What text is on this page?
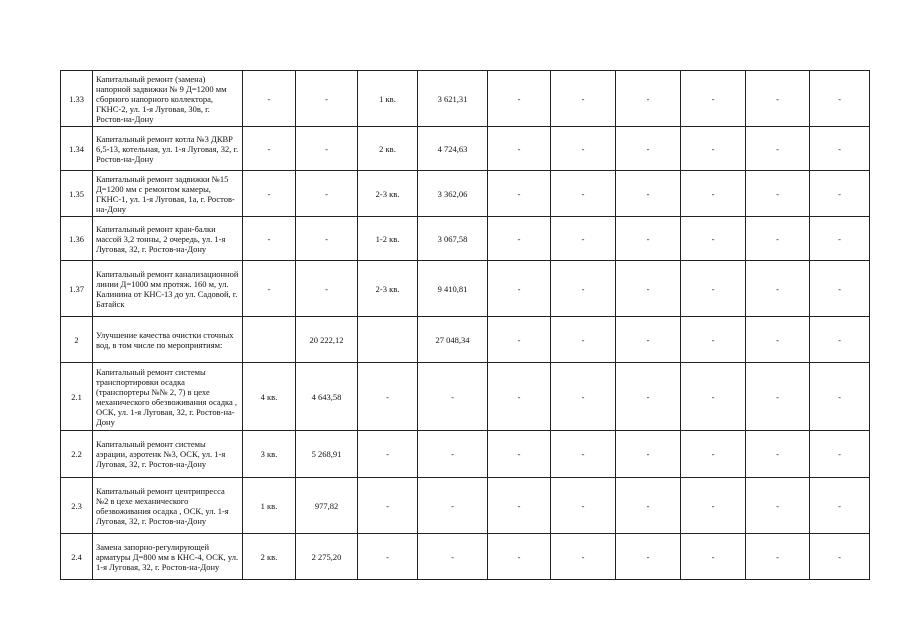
1.33	Капитальный ремонт (замена) напорной задвижки № 9 Д=1200 мм сборного напорного коллектора, ГКНС-2, ул. 1-я Луговая, 30в, г. Ростов-на-Дону	-	-	1 кв.	3 621,31	-	-	-	-	-	-
1.34	Капитальный ремонт котла №3 ДКВР 6,5-13, котельная, ул. 1-я Луговая, 32, г. Ростов-на-Дону	-	-	2 кв.	4 724,63	-	-	-	-	-	-
1.35	Капитальный ремонт задвижки №15 Д=1200 мм с ремонтом камеры, ГКНС-1, ул. 1-я Луговая, 1а, г. Ростов-на-Дону	-	-	2-3 кв.	3 362,06	-	-	-	-	-	-
1.36	Капитальный ремонт кран-балки массой 3,2 тонны, 2 очередь, ул. 1-я Луговая, 32, г. Ростов-на-Дону	-	-	1-2 кв.	3 067,58	-	-	-	-	-	-
1.37	Капитальный ремонт канализационной линии Д=1000 мм протяж. 160 м, ул. Калинина от КНС-13 до ул. Садовой, г. Батайск	-	-	2-3 кв.	9 410,81	-	-	-	-	-	-
2	Улучшение качества очистки сточных вод, в том числе по мероприятиям:		20 222,12		27 048,34	-	-	-	-	-	-
2.1	Капитальный ремонт системы транспортировки осадка (транспортеры №№ 2, 7) в цехе механического обезвоживания осадка , ОСК, ул. 1-я Луговая, 32, г. Ростов-на-Дону	4 кв.	4 643,58	-	-	-	-	-	-	-	-
2.2	Капитальный ремонт системы аэрации, аэротенк №3, ОСК, ул. 1-я Луговая, 32, г. Ростов-на-Дону	3 кв.	5 268,91	-	-	-	-	-	-	-	-
2.3	Капитальный ремонт центрипресса №2 в цехе механического обезвоживания осадка , ОСК, ул. 1-я Луговая, 32, г. Ростов-на-Дону	1 кв.	977,82	-	-	-	-	-	-	-	-
2.4	Замена запорно-регулирующей арматуры Д=800 мм в КНС-4, ОСК, ул. 1-я Луговая, 32, г. Ростов-на-Дону	2 кв.	2 275,20	-	-	-	-	-	-	-	-
